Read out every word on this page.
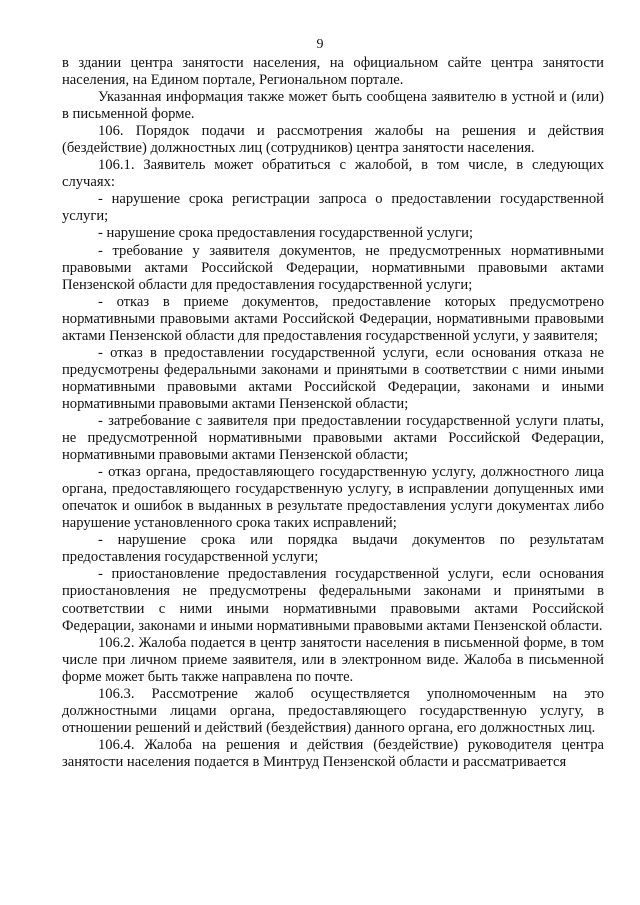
9

в здании центра занятости населения, на официальном сайте центра занятости населения, на Едином портале, Региональном портале.

Указанная информация также может быть сообщена заявителю в устной и (или) в письменной форме.

106. Порядок подачи и рассмотрения жалобы на решения и действия (бездействие) должностных лиц (сотрудников) центра занятости населения.

106.1. Заявитель может обратиться с жалобой, в том числе, в следующих случаях:

- нарушение срока регистрации запроса о предоставлении государственной услуги;

- нарушение срока предоставления государственной услуги;

- требование у заявителя документов, не предусмотренных нормативными правовыми актами Российской Федерации, нормативными правовыми актами Пензенской области для предоставления государственной услуги;

- отказ в приеме документов, предоставление которых предусмотрено нормативными правовыми актами Российской Федерации, нормативными правовыми актами Пензенской области для предоставления государственной услуги, у заявителя;

- отказ в предоставлении государственной услуги, если основания отказа не предусмотрены федеральными законами и принятыми в соответствии с ними иными нормативными правовыми актами Российской Федерации, законами и иными нормативными правовыми актами Пензенской области;

- затребование с заявителя при предоставлении государственной услуги платы, не предусмотренной нормативными правовыми актами Российской Федерации, нормативными правовыми актами Пензенской области;

- отказ органа, предоставляющего государственную услугу, должностного лица органа, предоставляющего государственную услугу, в исправлении допущенных ими опечаток и ошибок в выданных в результате предоставления услуги документах либо нарушение установленного срока таких исправлений;

- нарушение срока или порядка выдачи документов по результатам предоставления государственной услуги;

- приостановление предоставления государственной услуги, если основания приостановления не предусмотрены федеральными законами и принятыми в соответствии с ними иными нормативными правовыми актами Российской Федерации, законами и иными нормативными правовыми актами Пензенской области.

106.2. Жалоба подается в центр занятости населения в письменной форме, в том числе при личном приеме заявителя, или в электронном виде. Жалоба в письменной форме может быть также направлена по почте.

106.3. Рассмотрение жалоб осуществляется уполномоченным на это должностными лицами органа, предоставляющего государственную услугу, в отношении решений и действий (бездействия) данного органа, его должностных лиц.

106.4. Жалоба на решения и действия (бездействие) руководителя центра занятости населения подается в Минтруд Пензенской области и рассматривается
